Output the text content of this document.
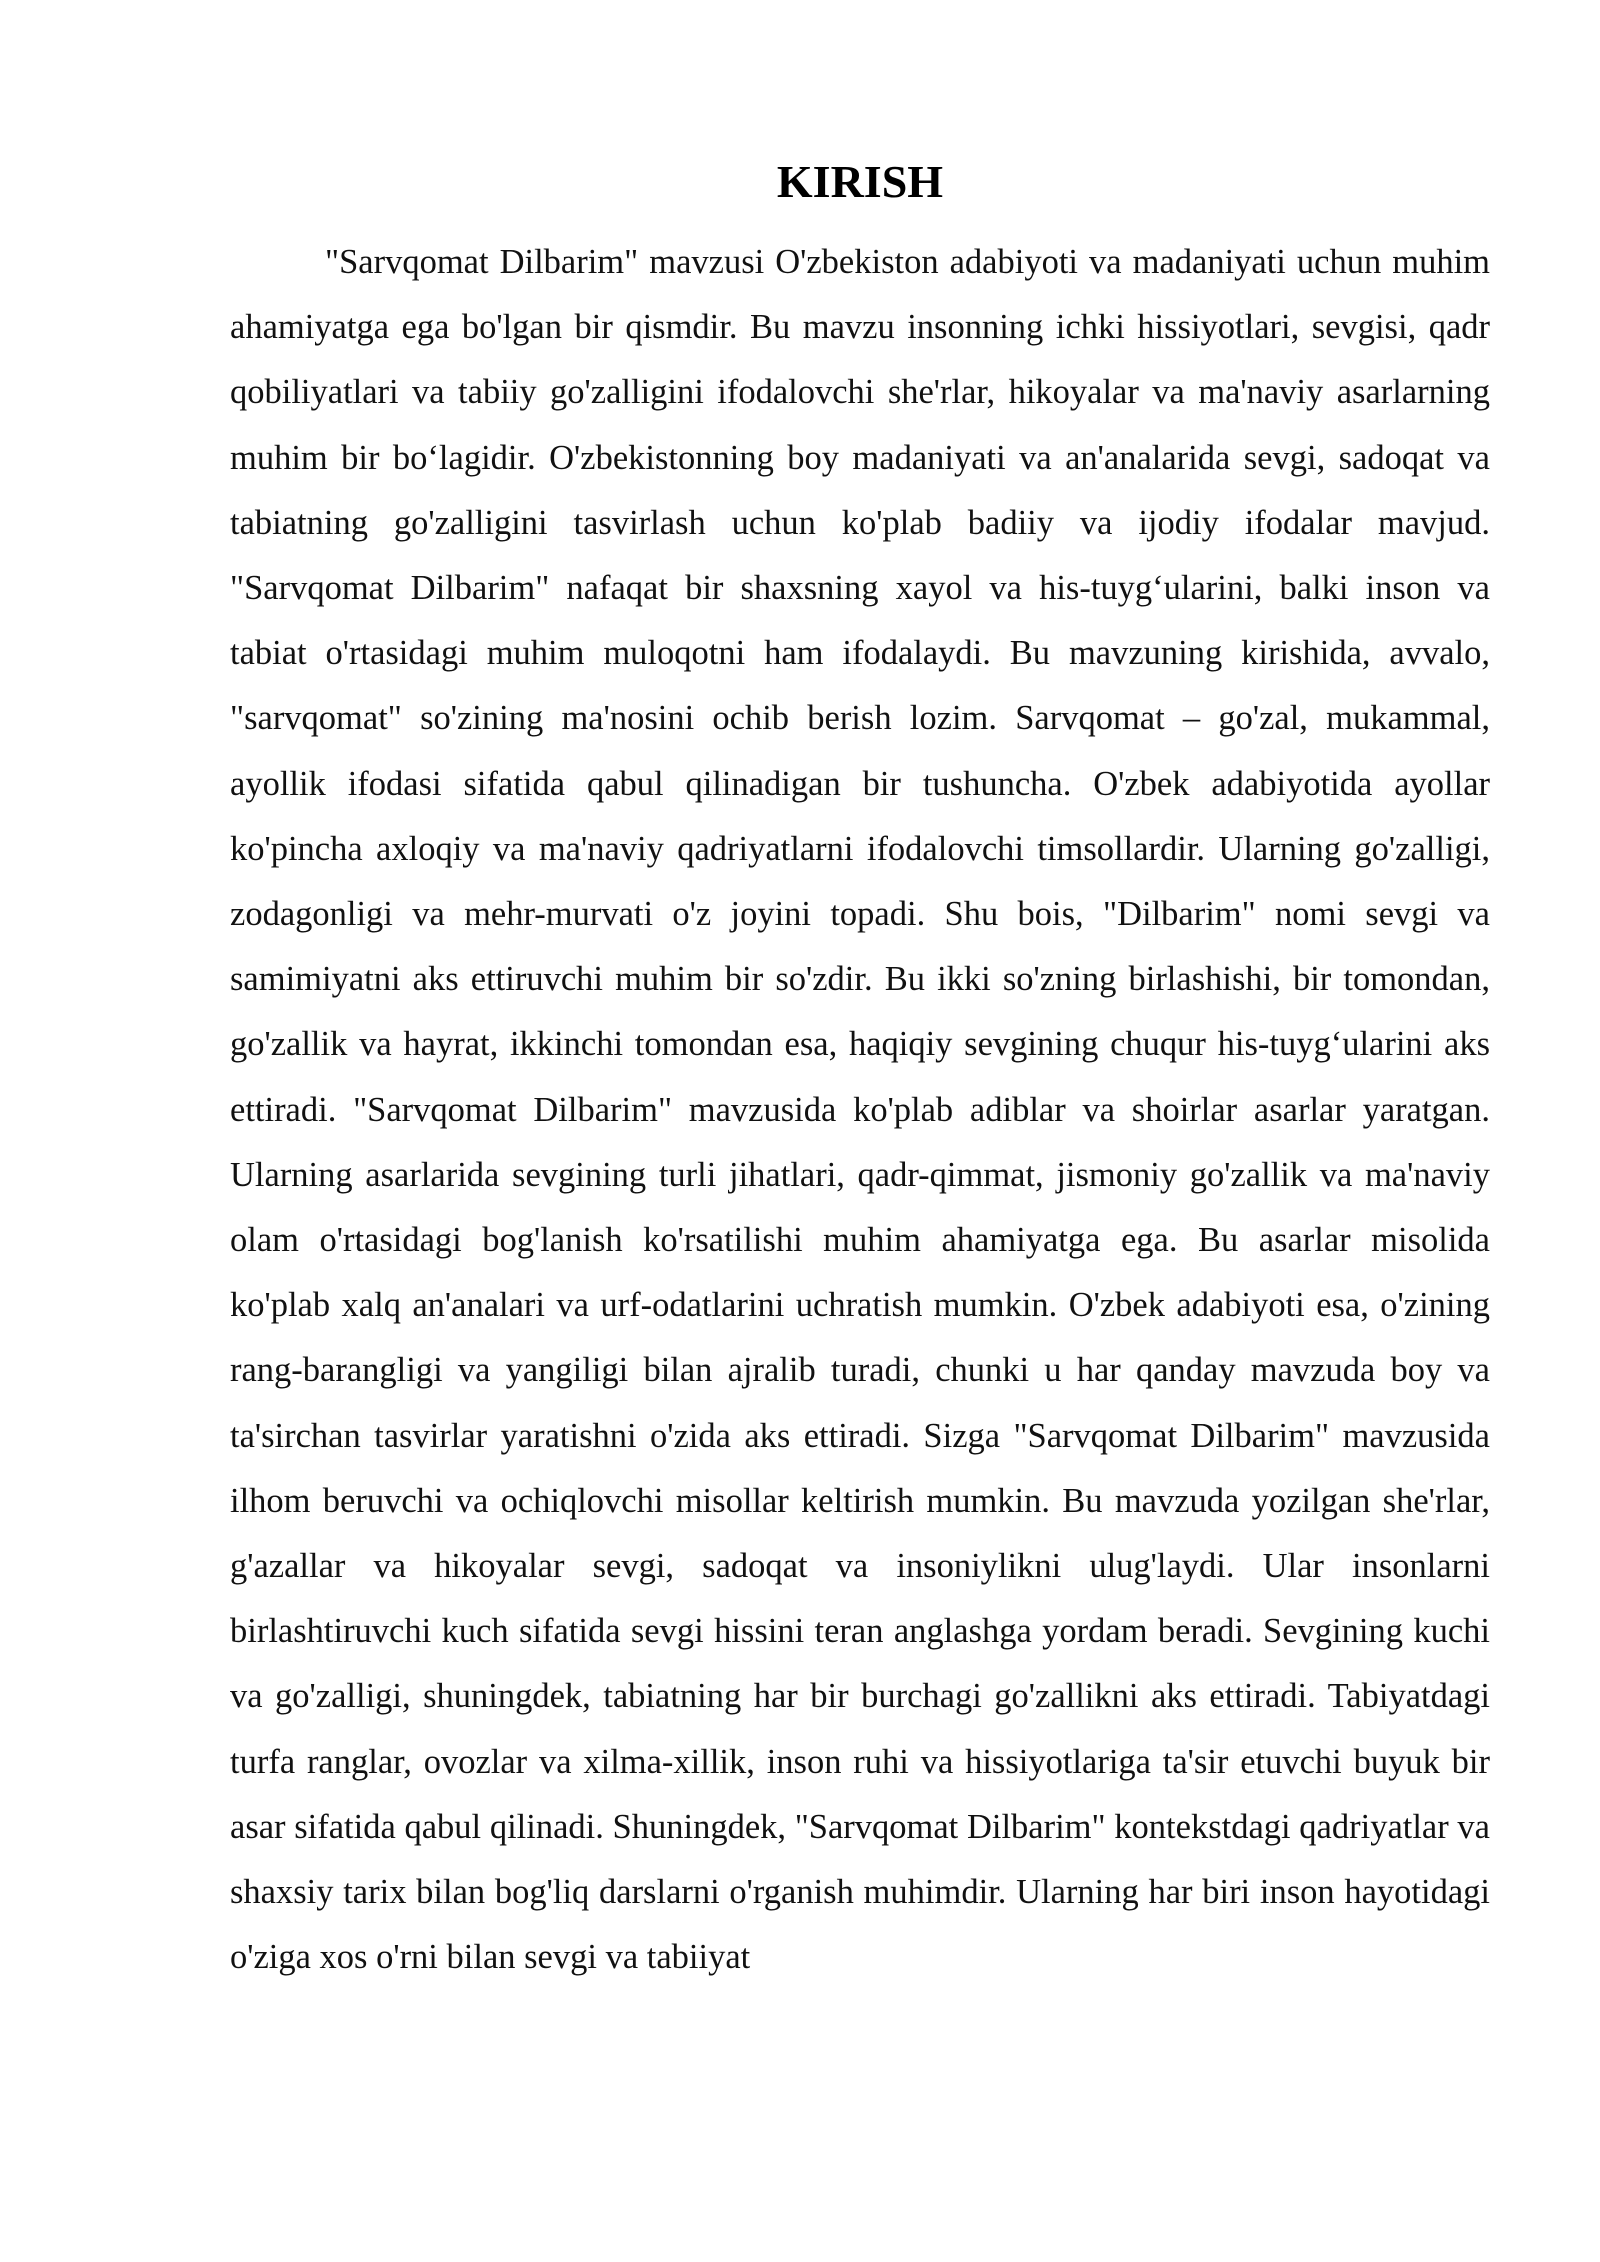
KIRISH

"Sarvqomat Dilbarim" mavzusi O'zbekiston adabiyoti va madaniyati uchun muhim ahamiyatga ega bo'lgan bir qismdir. Bu mavzu insonning ichki hissiyotlari, sevgisi, qadr qobiliyatlari va tabiiy go'zalligini ifodalovchi she'rlar, hikoyalar va ma'naviy asarlarning muhim bir bo‘lagidir. O'zbekistonning boy madaniyati va an'analarida sevgi, sadoqat va tabiatning go'zalligini tasvirlash uchun ko'plab badiiy va ijodiy ifodalar mavjud. "Sarvqomat Dilbarim" nafaqat bir shaxsning xayol va his-tuyg‘ularini, balki inson va tabiat o'rtasidagi muhim muloqotni ham ifodalaydi. Bu mavzuning kirishida, avvalo, "sarvqomat" so'zining ma'nosini ochib berish lozim. Sarvqomat – go'zal, mukammal, ayollik ifodasi sifatida qabul qilinadigan bir tushuncha. O'zbek adabiyotida ayollar ko'pincha axloqiy va ma'naviy qadriyatlarni ifodalovchi timsollardir. Ularning go'zalligi, zodagonligi va mehr-murvati o'z joyini topadi. Shu bois, "Dilbarim" nomi sevgi va samimiyatni aks ettiruvchi muhim bir so'zdir. Bu ikki so'zning birlashishi, bir tomondan, go'zallik va hayrat, ikkinchi tomondan esa, haqiqiy sevgining chuqur his-tuyg‘ularini aks ettiradi. "Sarvqomat Dilbarim" mavzusida ko'plab adiblar va shoirlar asarlar yaratgan. Ularning asarlarida sevgining turli jihatlari, qadr-qimmat, jismoniy go'zallik va ma'naviy olam o'rtasidagi bog'lanish ko'rsatilishi muhim ahamiyatga ega. Bu asarlar misolida ko'plab xalq an'analari va urf-odatlarini uchratish mumkin. O'zbek adabiyoti esa, o'zining rang-barangligi va yangiligi bilan ajralib turadi, chunki u har qanday mavzuda boy va ta'sirchan tasvirlar yaratishni o'zida aks ettiradi. Sizga "Sarvqomat Dilbarim" mavzusida ilhom beruvchi va ochiqlovchi misollar keltirish mumkin. Bu mavzuda yozilgan she'rlar, g'azallar va hikoyalar sevgi, sadoqat va insoniylikni ulug'laydi. Ular insonlarni birlashtiruvchi kuch sifatida sevgi hissini teran anglashga yordam beradi. Sevgining kuchi va go'zalligi, shuningdek, tabiatning har bir burchagi go'zallikni aks ettiradi. Tabiyatdagi turfa ranglar, ovozlar va xilma-xillik, inson ruhi va hissiyotlariga ta'sir etuvchi buyuk bir asar sifatida qabul qilinadi. Shuningdek, "Sarvqomat Dilbarim" kontekstdagi qadriyatlar va shaxsiy tarix bilan bog'liq darslarni o'rganish muhimdir. Ularning har biri inson hayotidagi o'ziga xos o'rni bilan sevgi va tabiiyat
